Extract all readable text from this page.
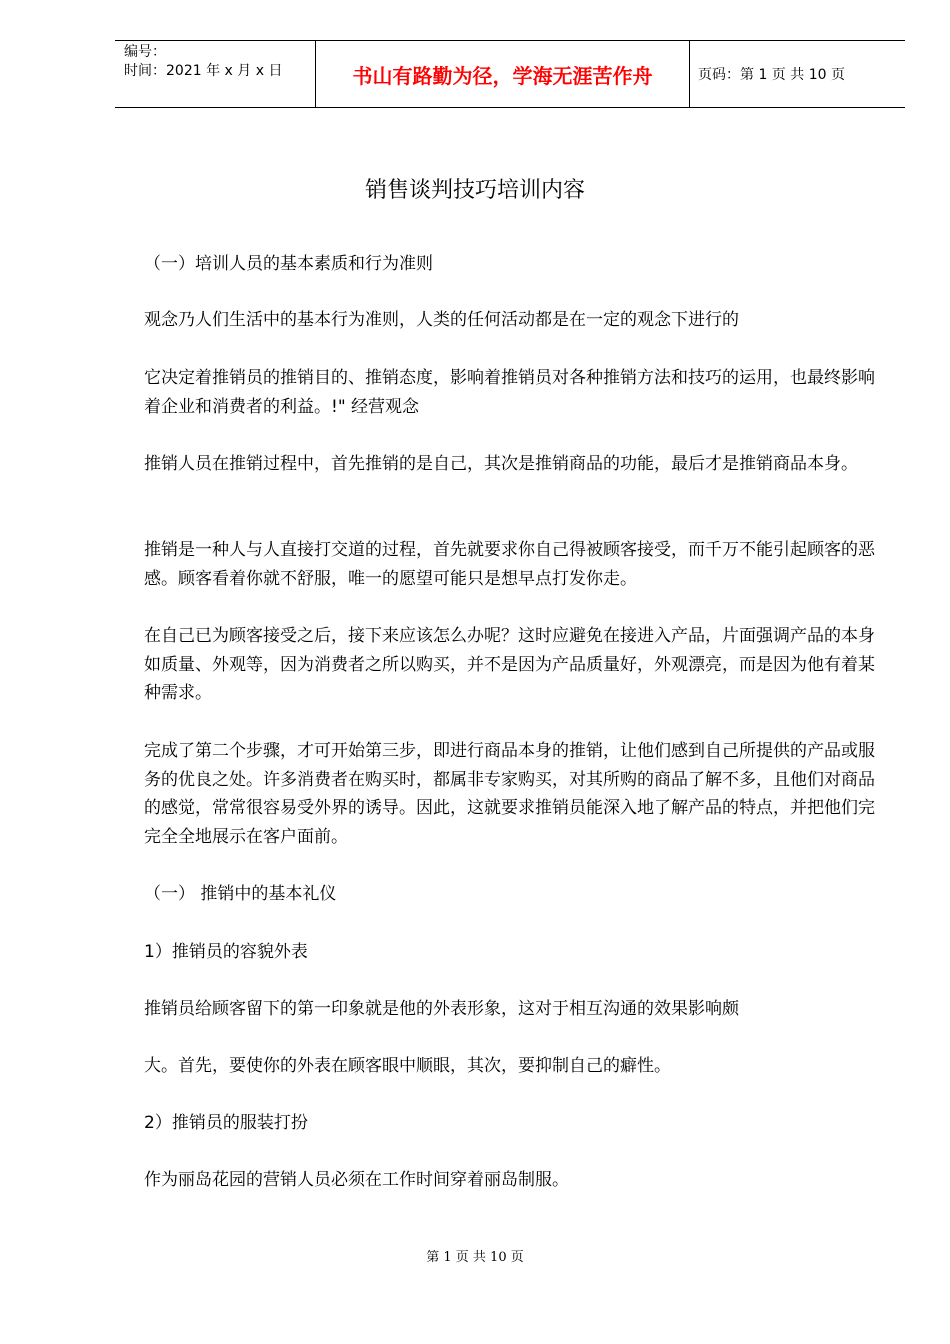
编号：
时间：2021 年 x 月 x 日	书山有路勤为径，学海无涯苦作舟	页码：第 1 页 共 10 页
销售谈判技巧培训内容

（一）培训人员的基本素质和行为准则

观念乃人们生活中的基本行为准则，人类的任何活动都是在一定的观念下进行的

它决定着推销员的推销目的、推销态度，影响着推销员对各种推销方法和技巧的运用，也最终影响着企业和消费者的利益。!" 经营观念

推销人员在推销过程中，首先推销的是自己，其次是推销商品的功能，最后才是推销商品本身。

推销是一种人与人直接打交道的过程，首先就要求你自己得被顾客接受，而千万不能引起顾客的恶感。顾客看着你就不舒服，唯一的愿望可能只是想早点打发你走。

在自己已为顾客接受之后，接下来应该怎么办呢？这时应避免在接进入产品，片面强调产品的本身如质量、外观等，因为消费者之所以购买，并不是因为产品质量好，外观漂亮，而是因为他有着某种需求。

完成了第二个步骤，才可开始第三步，即进行商品本身的推销，让他们感到自己所提供的产品或服务的优良之处。许多消费者在购买时，都属非专家购买，对其所购的商品了解不多，且他们对商品的感觉，常常很容易受外界的诱导。因此，这就要求推销员能深入地了解产品的特点，并把他们完完全全地展示在客户面前。

（一） 推销中的基本礼仪

1）推销员的容貌外表

推销员给顾客留下的第一印象就是他的外表形象，这对于相互沟通的效果影响颇

大。首先，要使你的外表在顾客眼中顺眼，其次，要抑制自己的癖性。

2）推销员的服装打扮

作为丽岛花园的营销人员必须在工作时间穿着丽岛制服。

第 1 页 共 10 页
